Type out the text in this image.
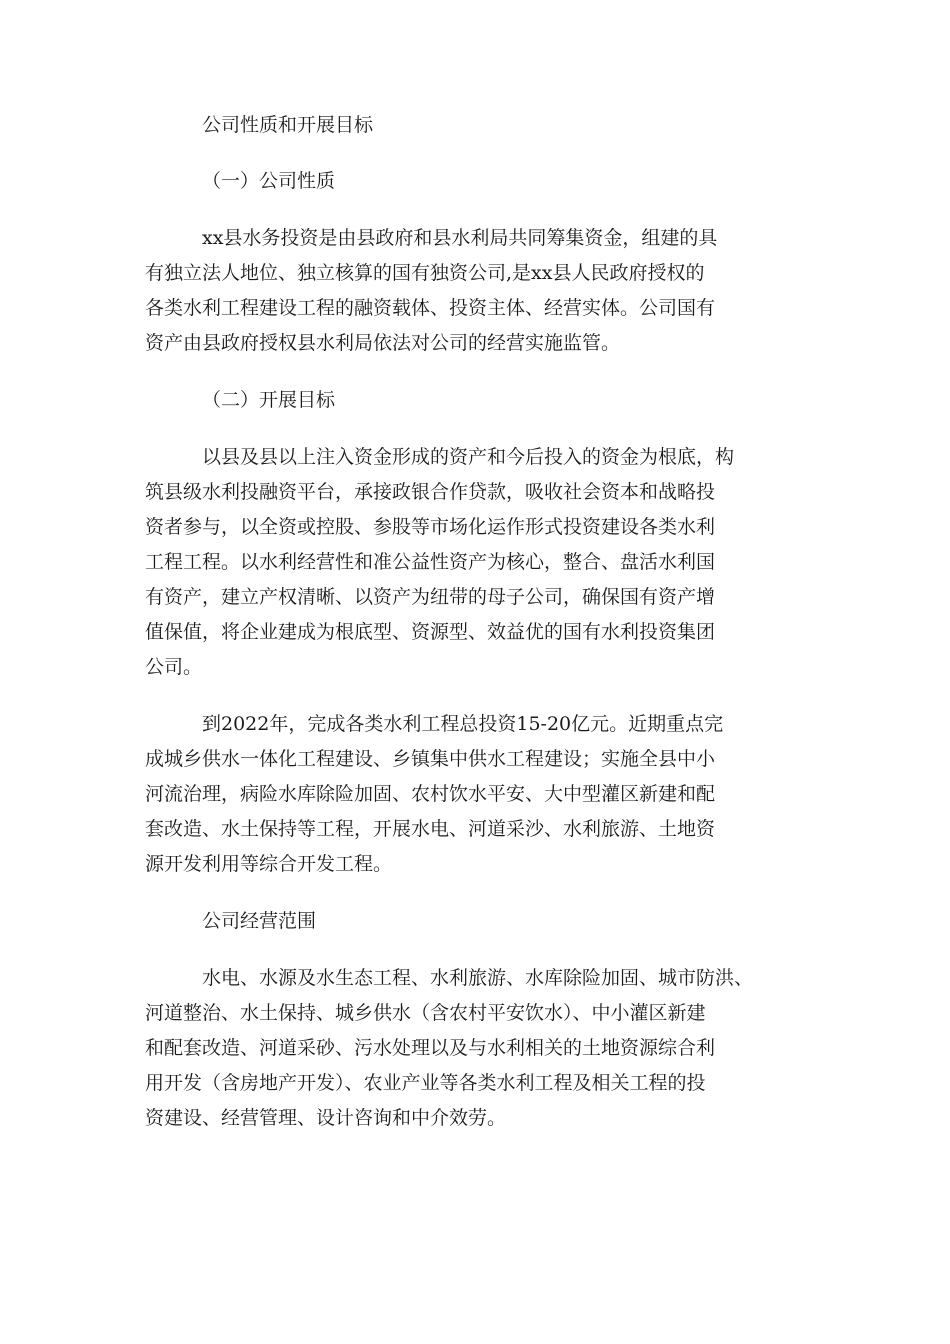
公司性质和开展目标

（一）公司性质

xx县水务投资是由县政府和县水利局共同筹集资金，组建的具
有独立法人地位、独立核算的国有独资公司,是xx县人民政府授权的
各类水利工程建设工程的融资载体、投资主体、经营实体。公司国有
资产由县政府授权县水利局依法对公司的经营实施监管。

（二）开展目标

以县及县以上注入资金形成的资产和今后投入的资金为根底，构
筑县级水利投融资平台，承接政银合作贷款，吸收社会资本和战略投
资者参与，以全资或控股、参股等市场化运作形式投资建设各类水利
工程工程。以水利经营性和准公益性资产为核心，整合、盘活水利国
有资产，建立产权清晰、以资产为纽带的母子公司，确保国有资产增
值保值，将企业建成为根底型、资源型、效益优的国有水利投资集团
公司。
到2022年，完成各类水利工程总投资15-20亿元。近期重点完
成城乡供水一体化工程建设、乡镇集中供水工程建设；实施全县中小
河流治理，病险水库除险加固、农村饮水平安、大中型灌区新建和配
套改造、水土保持等工程，开展水电、河道采沙、水利旅游、土地资
源开发利用等综合开发工程。

公司经营范围

水电、水源及水生态工程、水利旅游、水库除险加固、城市防洪、
河道整治、水土保持、城乡供水（含农村平安饮水）、中小灌区新建
和配套改造、河道采砂、污水处理以及与水利相关的土地资源综合利
用开发（含房地产开发）、农业产业等各类水利工程及相关工程的投
资建设、经营管理、设计咨询和中介效劳。
